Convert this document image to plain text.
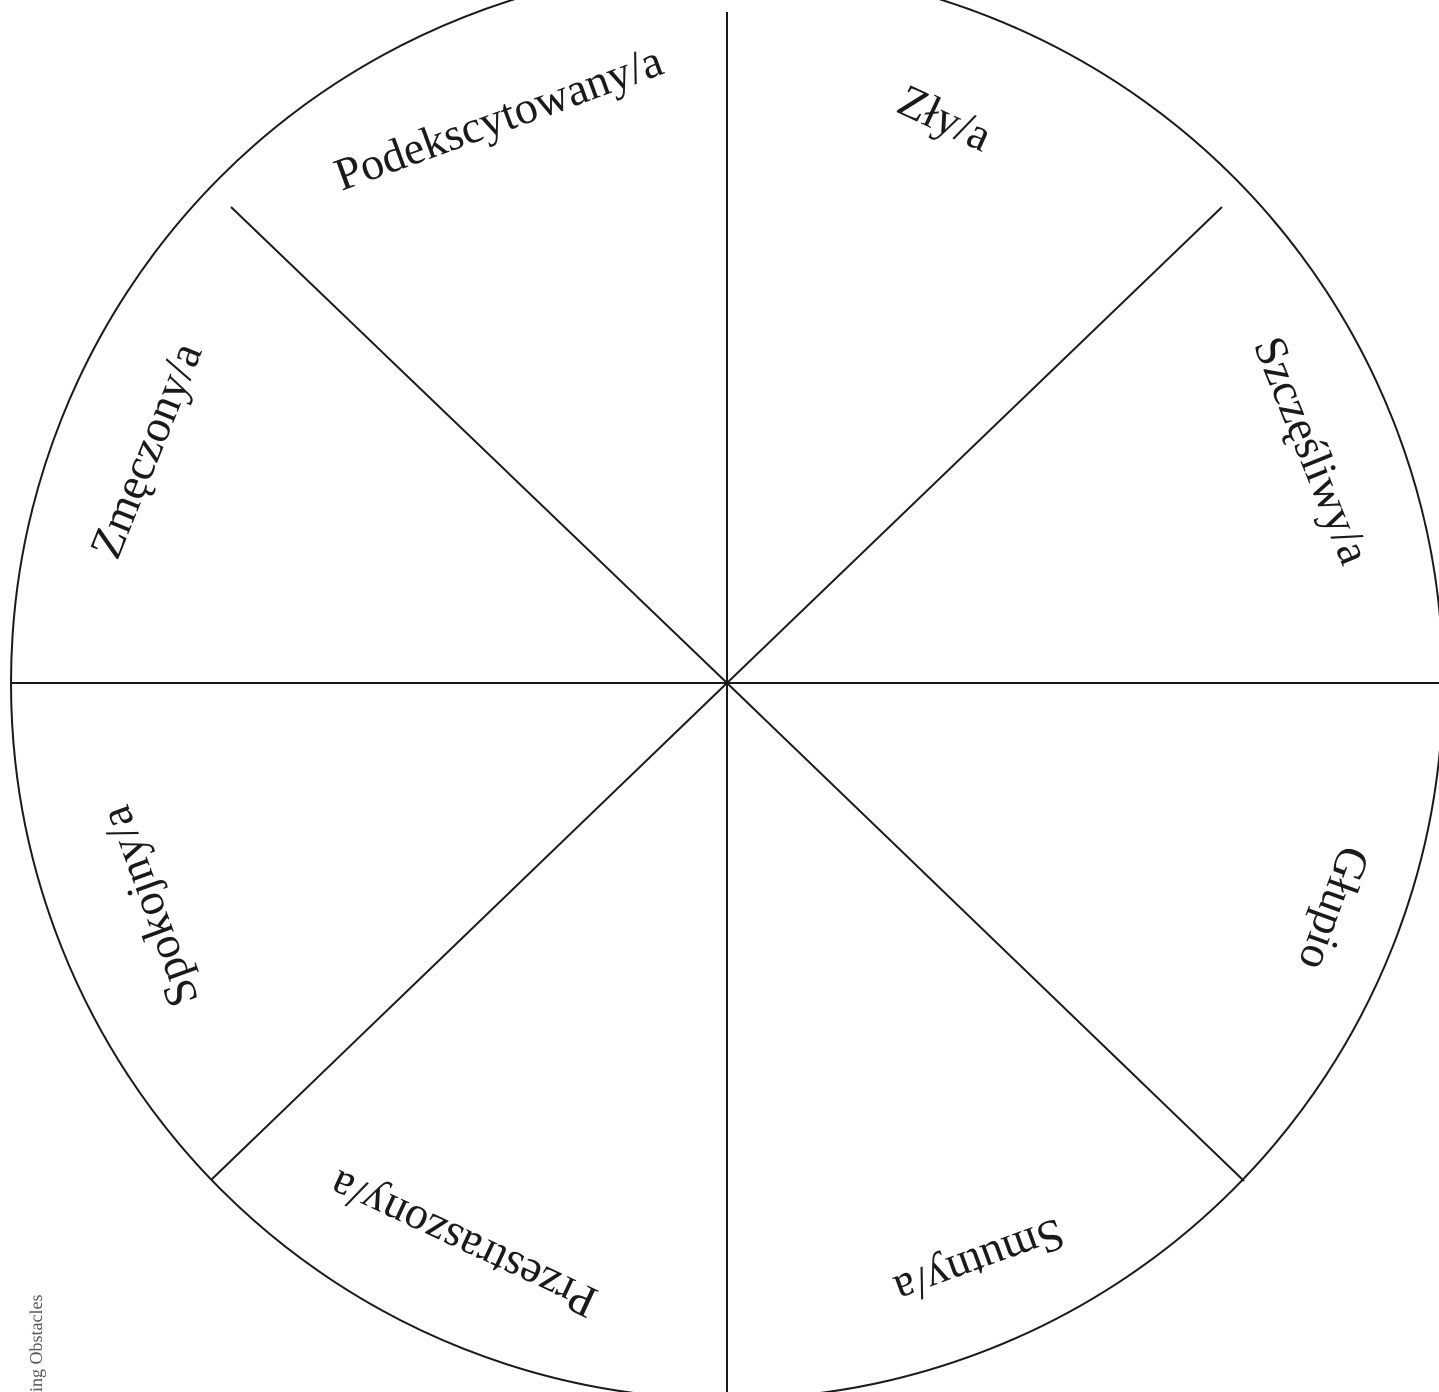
Podekscytowany/a	Zły/a
Szczęśliwy/a
Głupio
Smutny/a
Przestraszony/a
Spokojny/a
Zmęczony/a
ing Obstacles
